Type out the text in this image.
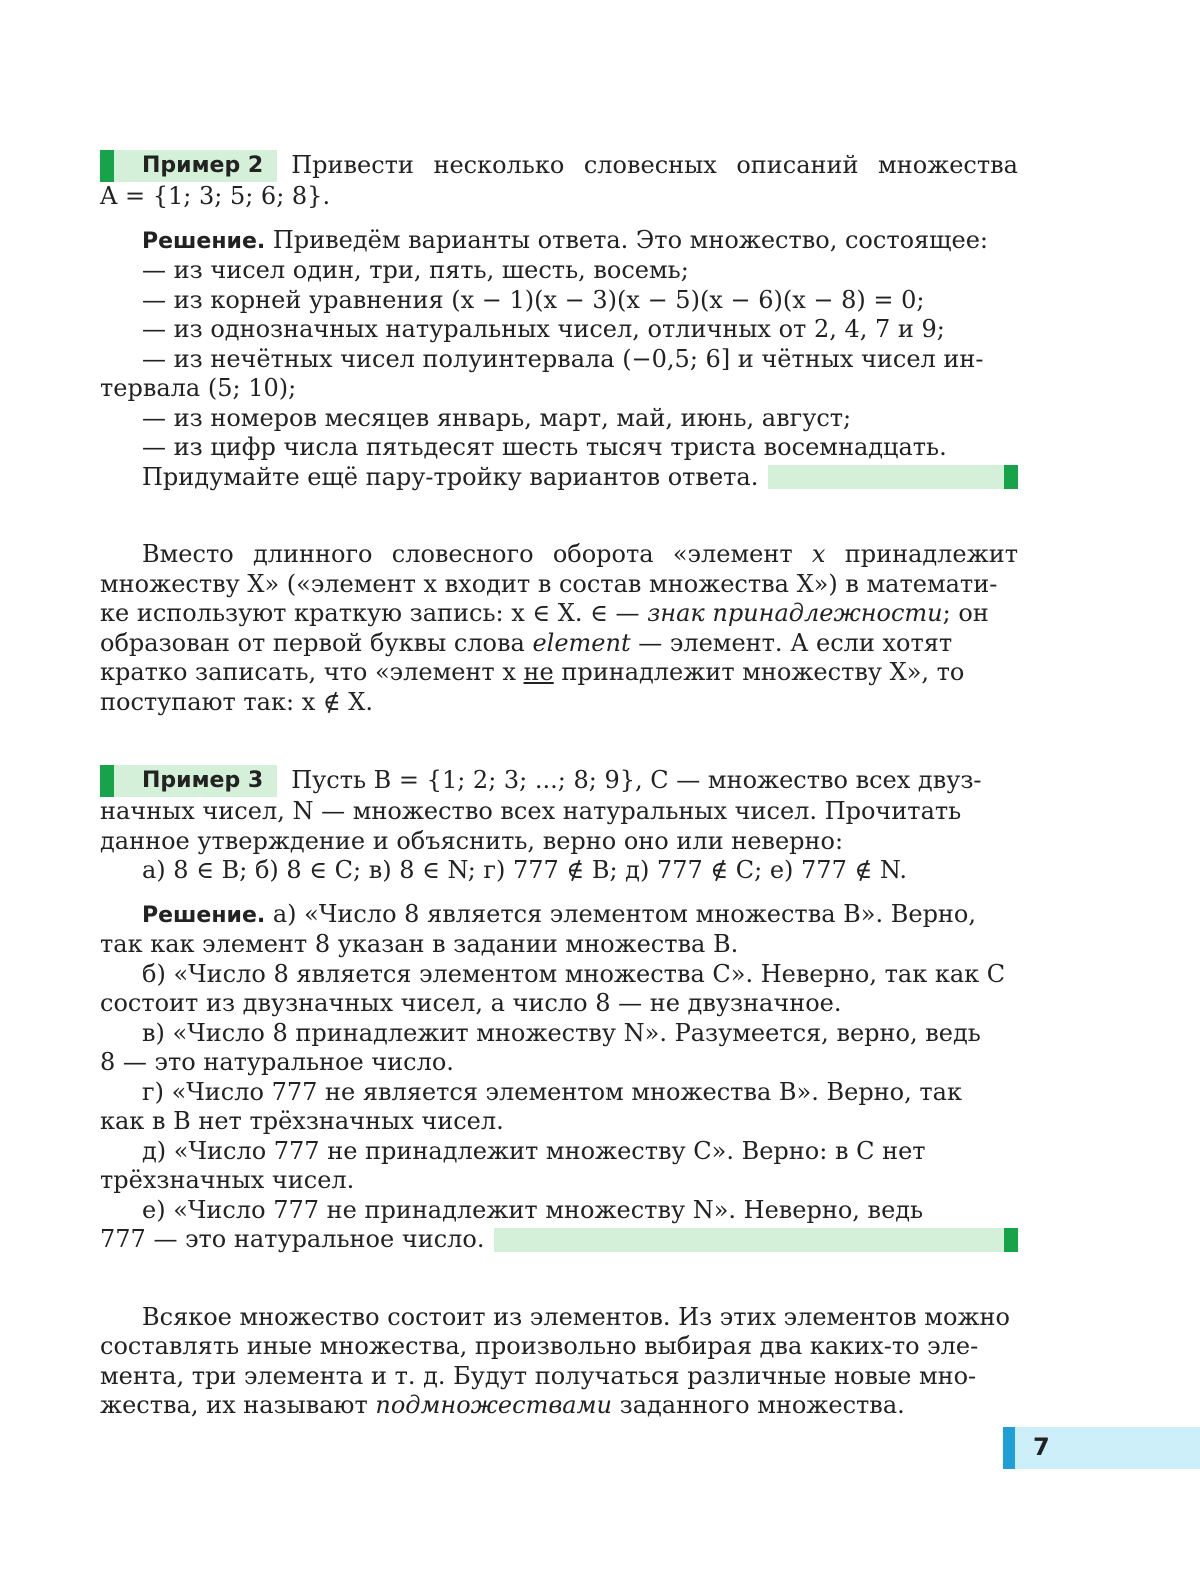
Пример 2	Привести несколько словесных описаний множества
A = {1; 3; 5; 6; 8}.
Решение. Приведём варианты ответа. Это множество, состоящее:
— из чисел один, три, пять, шесть, восемь;
— из корней уравнения (x − 1)(x − 3)(x − 5)(x − 6)(x − 8) = 0;
— из однозначных натуральных чисел, отличных от 2, 4, 7 и 9;
— из нечётных чисел полуинтервала (−0,5; 6] и чётных чисел ин-
тервала (5; 10);
— из номеров месяцев январь, март, май, июнь, август;
— из цифр числа пятьдесят шесть тысяч триста восемнадцать.
Придумайте ещё пару-тройку вариантов ответа.
Вместо длинного словесного оборота «элемент x принадлежит
множеству X» («элемент x входит в состав множества X») в математи-
ке используют краткую запись: x ∈ X. ∈ — знак принадлежности; он
образован от первой буквы слова element — элемент. А если хотят
кратко записать, что «элемент x не принадлежит множеству X», то
поступают так: x ∉ X.
Пример 3	Пусть B = {1; 2; 3; ...; 8; 9}, C — множество всех двуз-
начных чисел, N — множество всех натуральных чисел. Прочитать
данное утверждение и объяснить, верно оно или неверно:
а) 8 ∈ B; б) 8 ∈ C; в) 8 ∈ N; г) 777 ∉ B; д) 777 ∉ C; е) 777 ∉ N.
Решение. а) «Число 8 является элементом множества B». Верно,
так как элемент 8 указан в задании множества B.
б) «Число 8 является элементом множества C». Неверно, так как C
состоит из двузначных чисел, а число 8 — не двузначное.
в) «Число 8 принадлежит множеству N». Разумеется, верно, ведь
8 — это натуральное число.
г) «Число 777 не является элементом множества B». Верно, так
как в B нет трёхзначных чисел.
д) «Число 777 не принадлежит множеству C». Верно: в C нет
трёхзначных чисел.
е) «Число 777 не принадлежит множеству N». Неверно, ведь
777 — это натуральное число.
Всякое множество состоит из элементов. Из этих элементов можно
составлять иные множества, произвольно выбирая два каких-то эле-
мента, три элемента и т. д. Будут получаться различные новые мно-
жества, их называют подмножествами заданного множества.
7
